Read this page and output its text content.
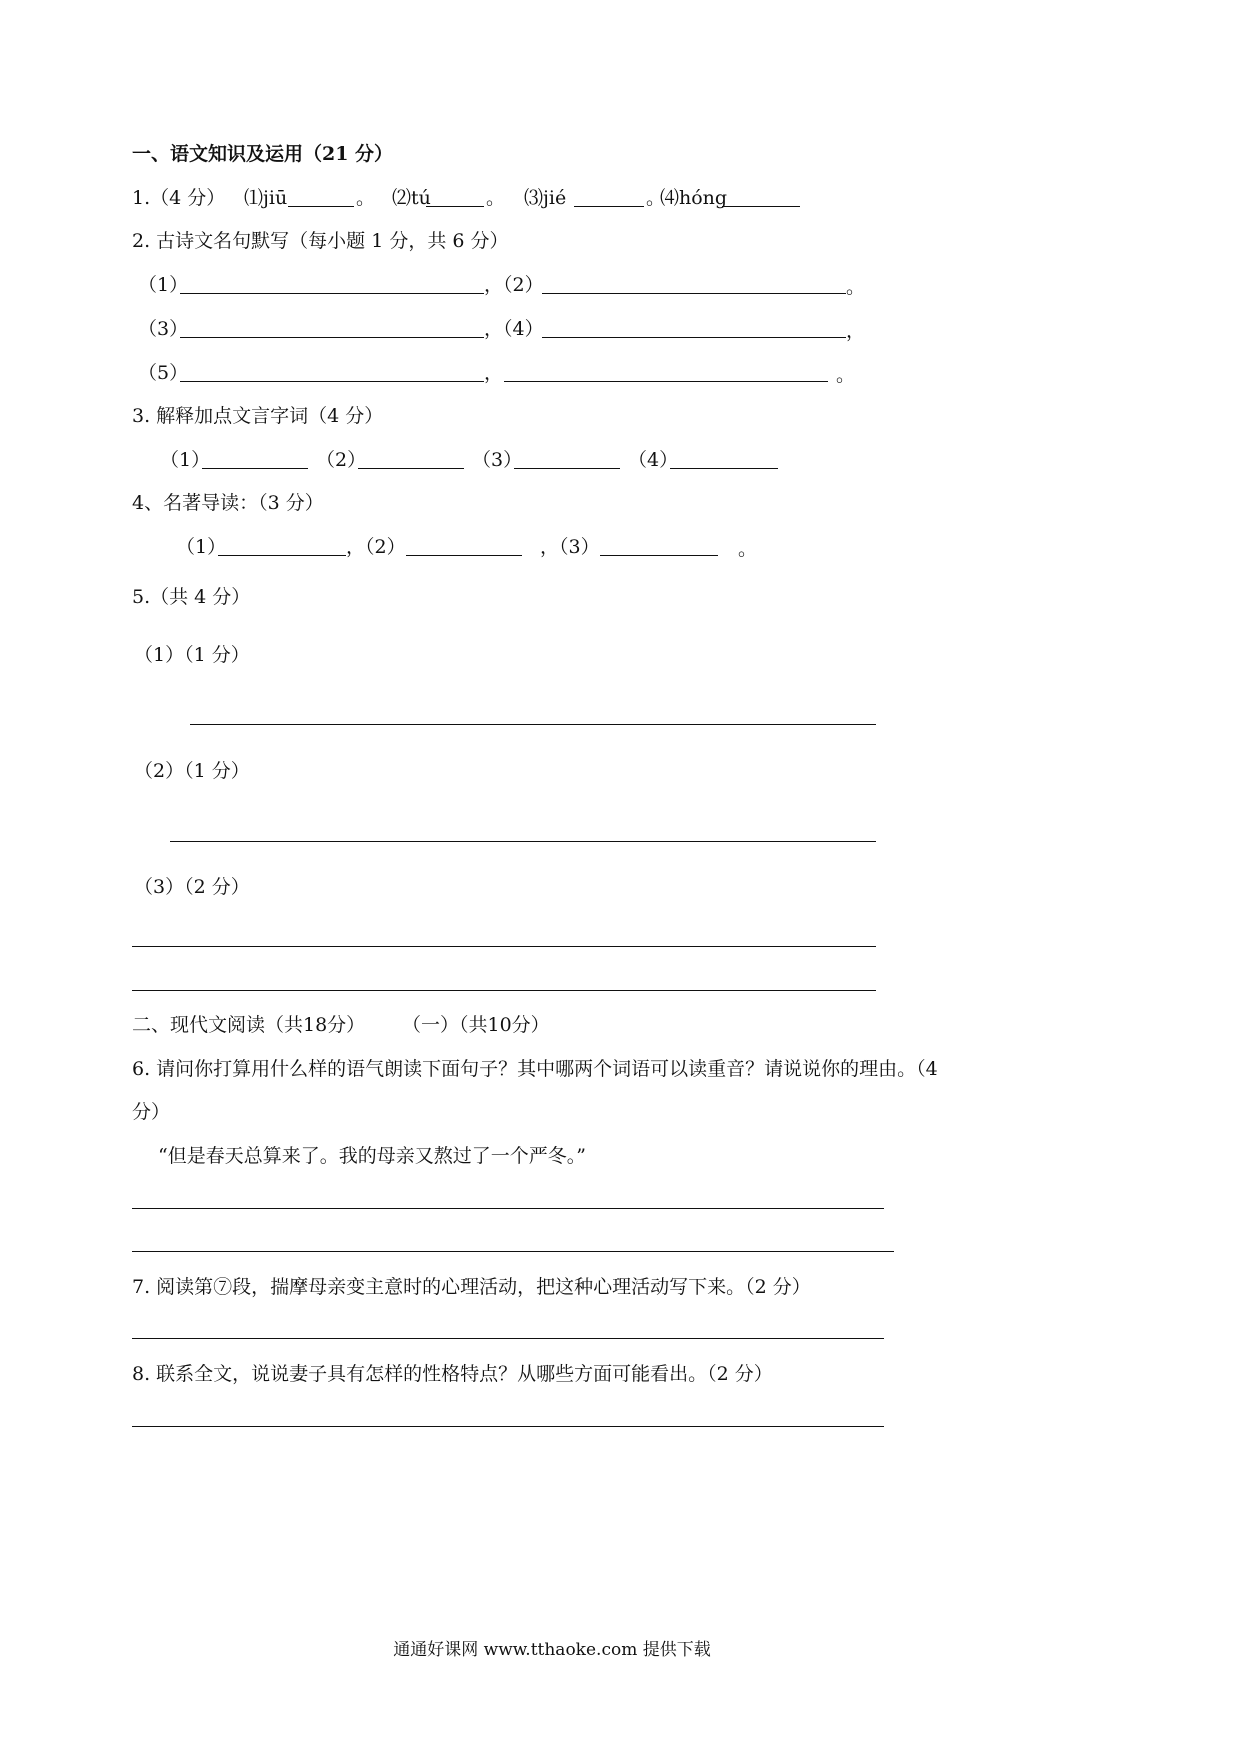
一、语文知识及运用（21 分）
1.（4 分） ⑴jiū	。 ⑵tú	。 ⑶jié	。
⑷hóng
2. 古诗文名句默写（每小题 1 分，共 6 分）
（1）	，（2）	。
（3）	，（4）	，
（5）	，	。
3. 解释加点文言字词（4 分）
（1）	（2）	（3）	（4）
4、名著导读：（3 分）
（1）	，（2）	，（3）	。
5.（共 4 分）
（1）（1 分）
（2）（1 分）
（3）（2 分）
二、现代文阅读（共18分） （一）（共10分）
6. 请问你打算用什么样的语气朗读下面句子？其中哪两个词语可以读重音？请说说你的理由。（4
分）
“但是春天总算来了。我的母亲又熬过了一个严冬。”
7. 阅读第⑦段，揣摩母亲变主意时的心理活动，把这种心理活动写下来。（2 分）
8. 联系全文，说说妻子具有怎样的性格特点？从哪些方面可能看出。（2 分）
通通好课网 www.tthaoke.com 提供下载
